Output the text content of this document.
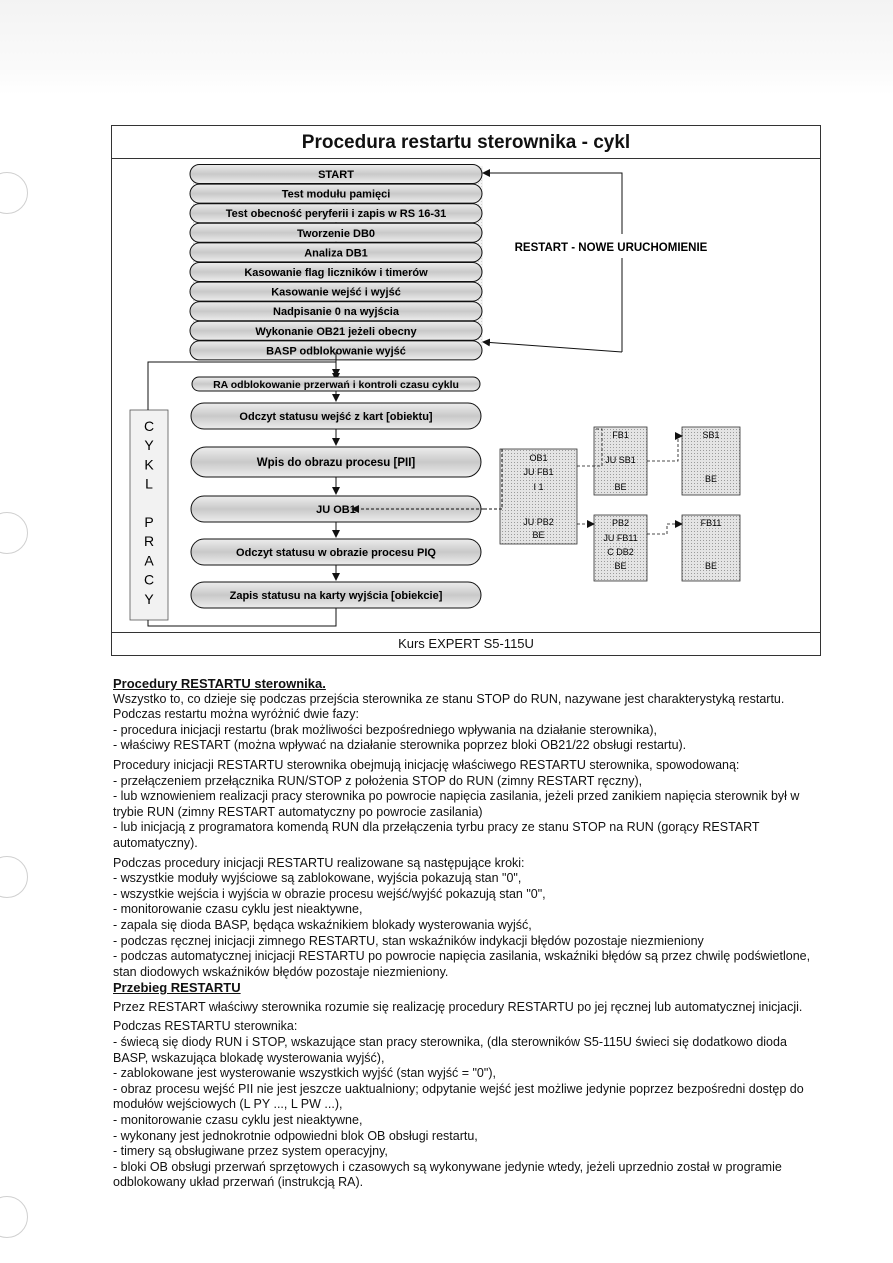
Procedura restartu sterownika - cykl
START
Test modułu pamięci
Test obecność peryferii i zapis w RS 16-31
Tworzenie DB0
Analiza DB1
Kasowanie flag liczników i timerów
Kasowanie wejść i wyjść
Nadpisanie 0 na wyjścia
Wykonanie OB21 jeżeli obecny
BASP odblokowanie wyjść
RESTART - NOWE URUCHOMIENIE
C
Y
K
L
P
R
A
C
Y
RA odblokowanie przerwań i kontroli czasu cyklu
Odczyt statusu wejść z kart [obiektu]
Wpis do obrazu procesu [PII]
JU OB1
Odczyt statusu w obrazie procesu PIQ
Zapis statusu na karty wyjścia [obiekcie]
OB1
JU FB1
I 1
JU PB2
BE
FB1
JU SB1
BE
SB1
BE
PB2
JU FB11
C DB2
BE
FB11
BE
Kurs EXPERT S5-115U

Procedury RESTARTU sterownika.

Wszystko to, co dzieje się podczas przejścia sterownika ze stanu STOP do RUN, nazywane jest charakterystyką restartu. Podczas restartu można wyróżnić dwie fazy:

- procedura inicjacji restartu (brak możliwości bezpośredniego wpływania na działanie sterownika),

- właściwy RESTART (można wpływać na działanie sterownika poprzez bloki OB21/22 obsługi restartu).

Procedury inicjacji RESTARTU sterownika obejmują inicjację właściwego RESTARTU sterownika, spowodowaną:

- przełączeniem przełącznika RUN/STOP z położenia STOP do RUN (zimny RESTART ręczny),

- lub wznowieniem realizacji pracy sterownika po powrocie napięcia zasilania, jeżeli przed zanikiem napięcia sterownik był w trybie RUN (zimny RESTART automatyczny po powrocie zasilania)

- lub inicjacją z programatora komendą RUN dla przełączenia tyrbu pracy ze stanu STOP na RUN (gorący RESTART automatyczny).

Podczas procedury inicjacji RESTARTU realizowane są następujące kroki:

- wszystkie moduły wyjściowe są zablokowane, wyjścia pokazują stan "0",

- wszystkie wejścia i wyjścia w obrazie procesu wejść/wyjść pokazują stan "0",

- monitorowanie czasu cyklu jest nieaktywne,

- zapala się dioda BASP, będąca wskaźnikiem blokady wysterowania wyjść,

- podczas ręcznej inicjacji zimnego RESTARTU, stan wskaźników indykacji błędów pozostaje niezmieniony

- podczas automatycznej inicjacji RESTARTU po powrocie napięcia zasilania, wskaźniki błędów są przez chwilę podświetlone, stan diodowych wskaźników błędów pozostaje niezmieniony.

Przebieg RESTARTU

Przez RESTART właściwy sterownika rozumie się realizację procedury RESTARTU po jej ręcznej lub automatycznej inicjacji.

Podczas RESTARTU sterownika:

- świecą się diody RUN i STOP, wskazujące stan pracy sterownika, (dla sterowników S5-115U świeci się dodatkowo dioda BASP, wskazująca blokadę wysterowania wyjść),

- zablokowane jest wysterowanie wszystkich wyjść (stan wyjść = "0"),

- obraz procesu wejść PII nie jest jeszcze uaktualniony; odpytanie wejść jest możliwe jedynie poprzez bezpośredni dostęp do modułów wejściowych (L PY ..., L PW ...),

- monitorowanie czasu cyklu jest nieaktywne,

- wykonany jest jednokrotnie odpowiedni blok OB obsługi restartu,

- timery są obsługiwane przez system operacyjny,

- bloki OB obsługi przerwań sprzętowych i czasowych są wykonywane jedynie wtedy, jeżeli uprzednio został w programie odblokowany układ przerwań (instrukcją RA).
